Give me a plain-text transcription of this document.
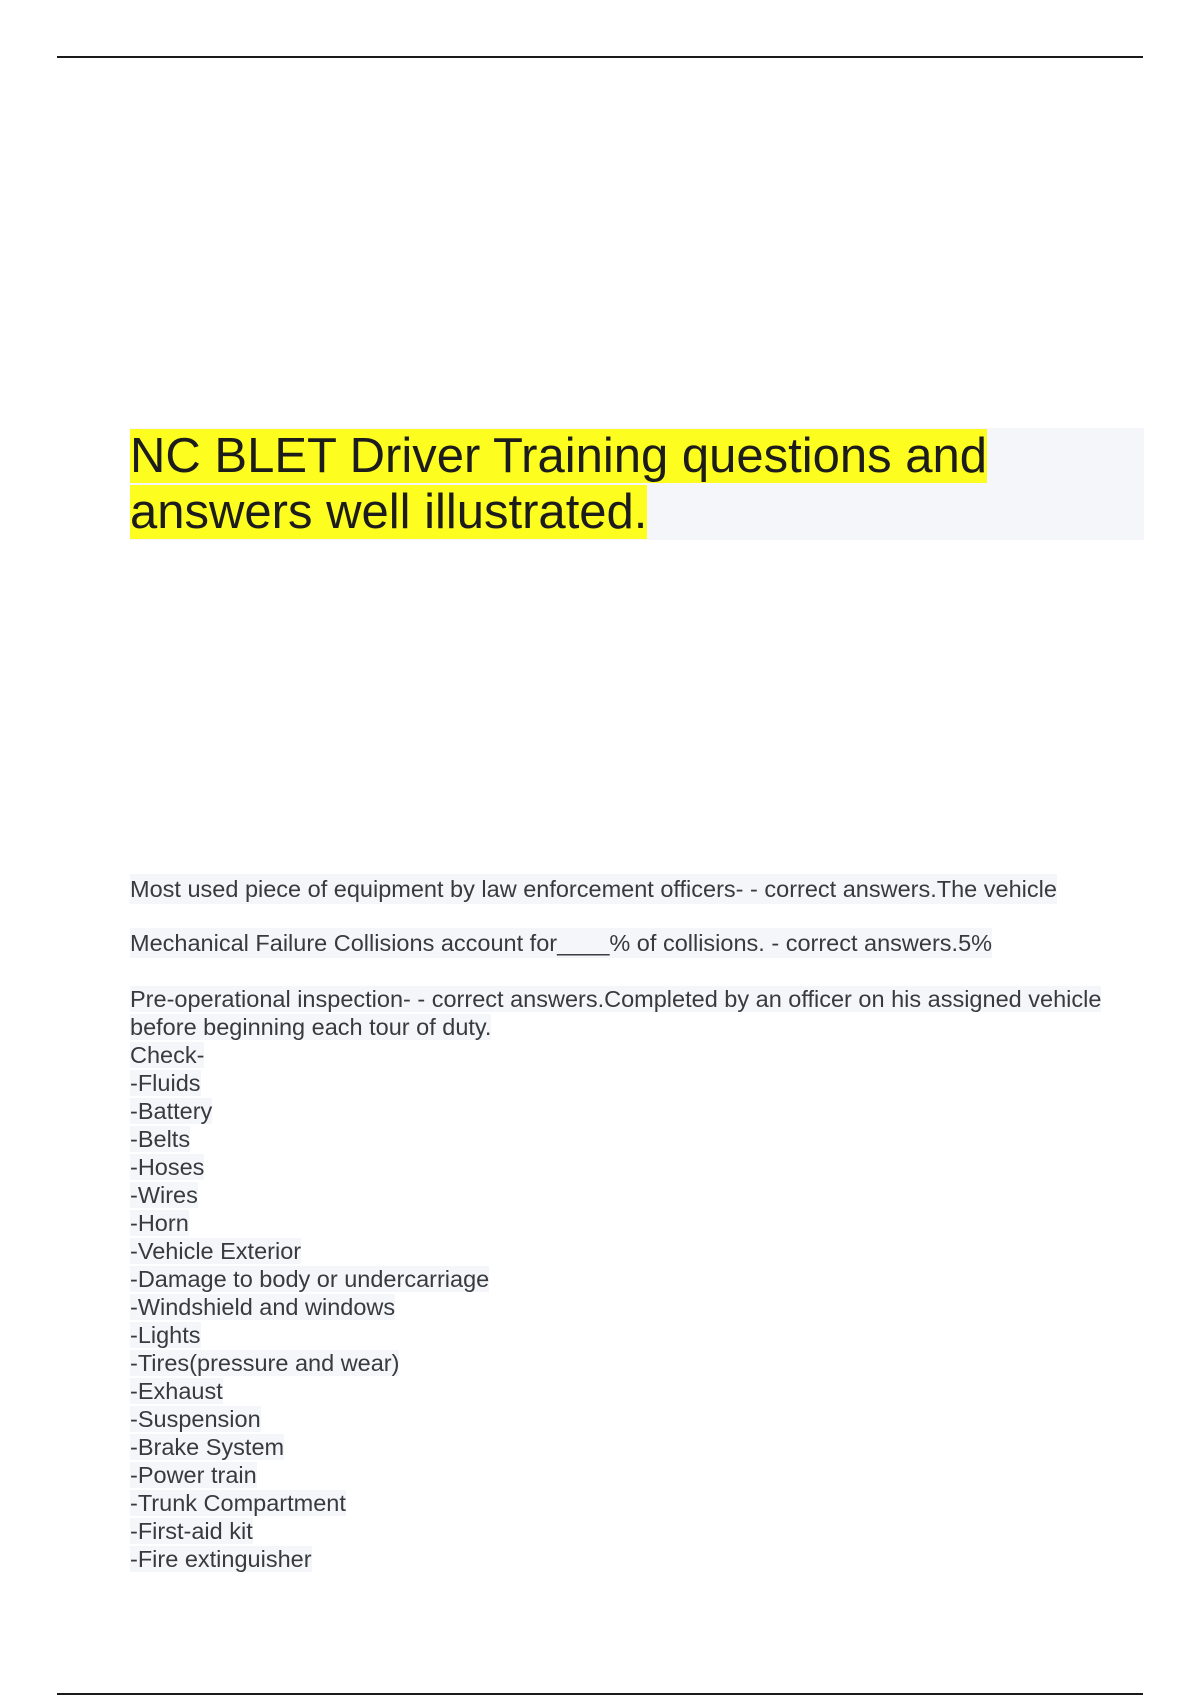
NC BLET Driver Training questions and
answers well illustrated.
Most used piece of equipment by law enforcement officers- - correct answers.The vehicle
Mechanical Failure Collisions account for____% of collisions. - correct answers.5%
Pre-operational inspection- - correct answers.Completed by an officer on his assigned vehicle
before beginning each tour of duty.
Check-
-Fluids
-Battery
-Belts
-Hoses
-Wires
-Horn
-Vehicle Exterior
-Damage to body or undercarriage
-Windshield and windows
-Lights
-Tires(pressure and wear)
-Exhaust
-Suspension
-Brake System
-Power train
-Trunk Compartment
-First-aid kit
-Fire extinguisher
